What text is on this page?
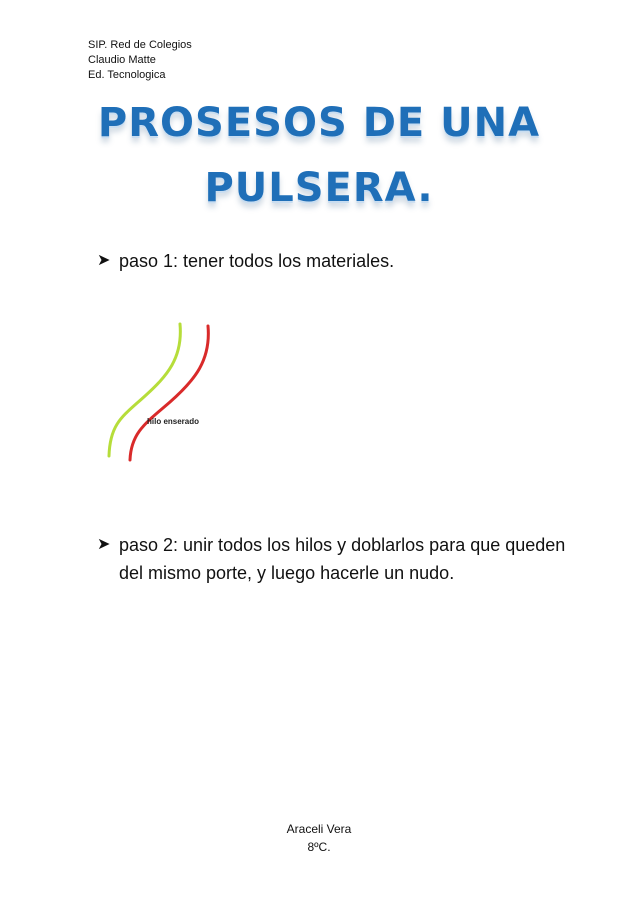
SIP. Red de Colegios
Claudio Matte
Ed. Tecnologica
PROSESOS DE UNA
PULSERA.
➤ paso 1: tener todos los materiales.
hilo enserado
➤ paso 2: unir todos los hilos y doblarlos para que queden del mismo porte, y luego hacerle un nudo.
Araceli Vera
8ºC.
